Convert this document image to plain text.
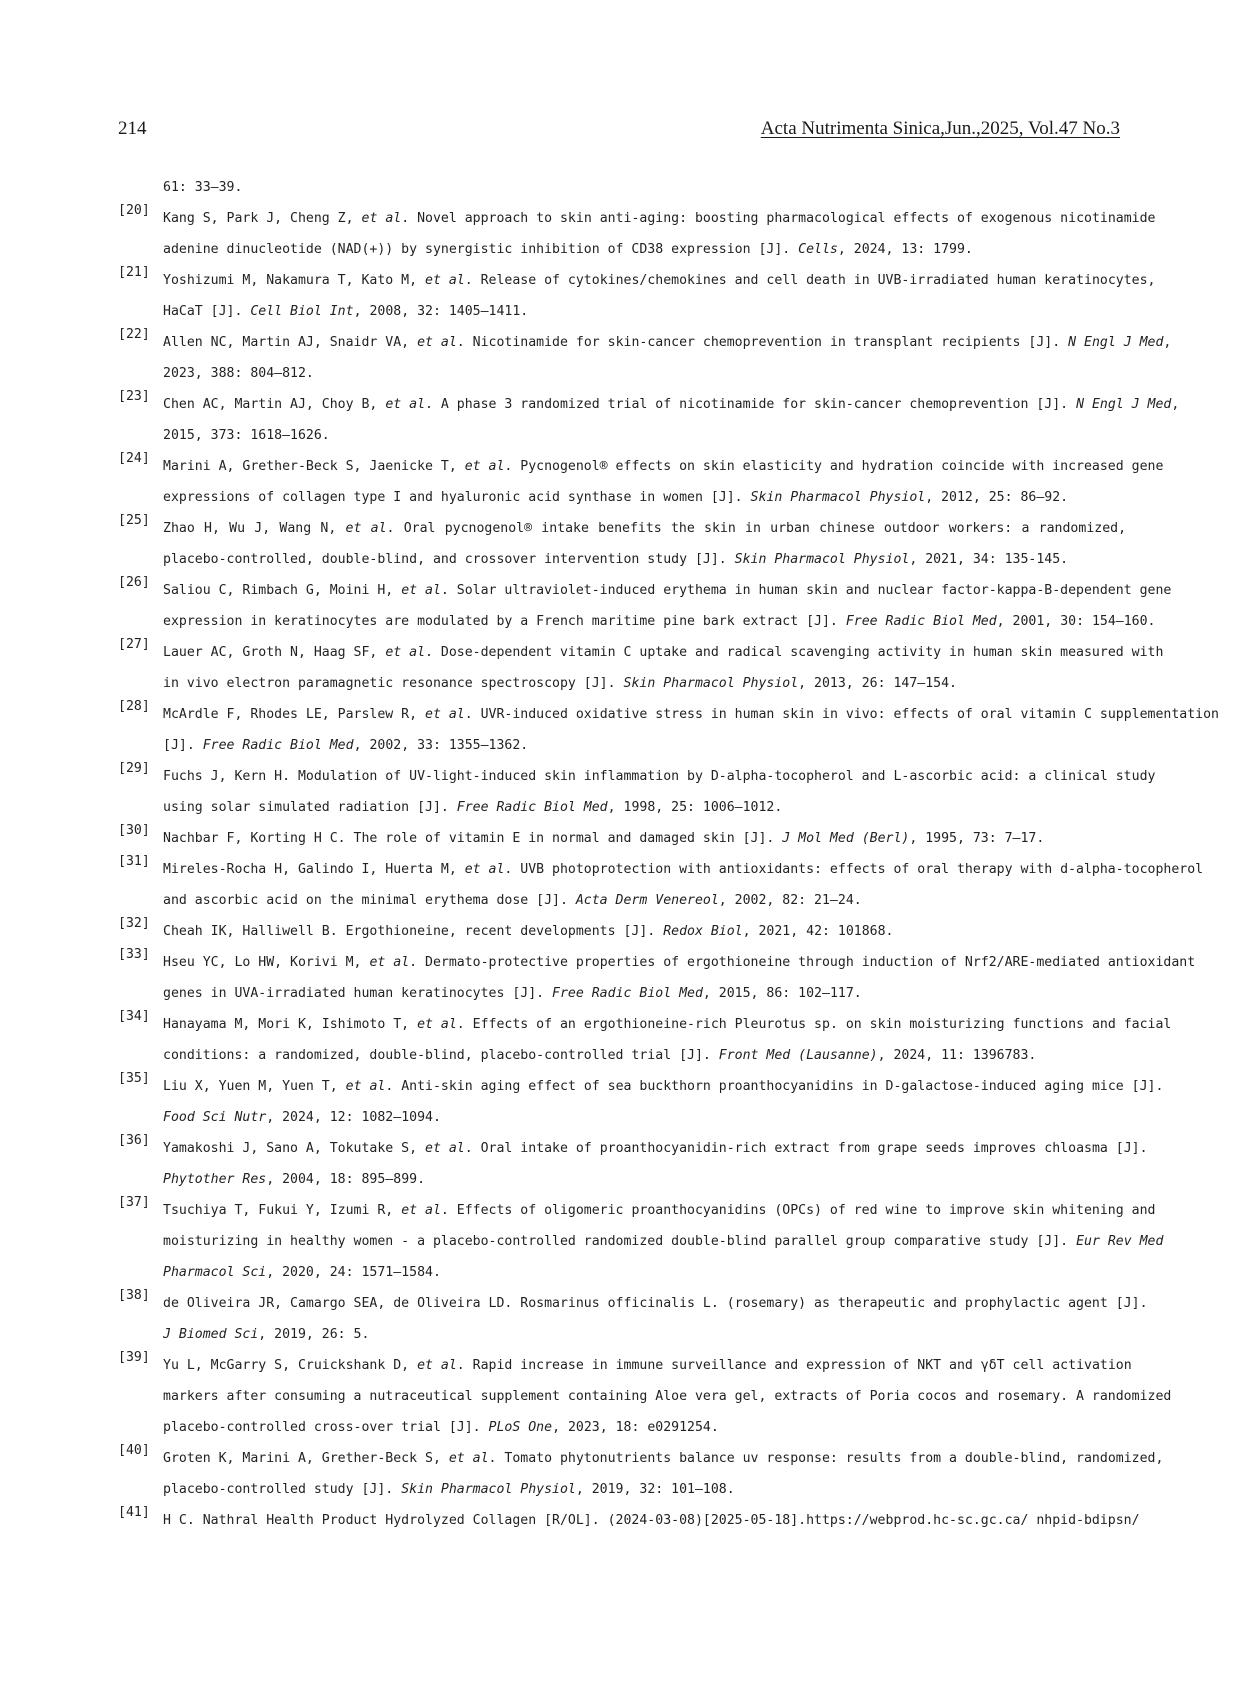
214	Acta Nutrimenta Sinica,Jun.,2025, Vol.47 No.3
61: 33—39.
[20]
Kang S, Park J, Cheng Z, et al. Novel approach to skin anti-aging: boosting pharmacological effects of exogenous nicotinamide
adenine dinucleotide (NAD(+)) by synergistic inhibition of CD38 expression [J]. Cells, 2024, 13: 1799.
[21]
Yoshizumi M, Nakamura T, Kato M, et al. Release of cytokines/chemokines and cell death in UVB-irradiated human keratinocytes,
HaCaT [J]. Cell Biol Int, 2008, 32: 1405—1411.
[22]
Allen NC, Martin AJ, Snaidr VA, et al. Nicotinamide for skin-cancer chemoprevention in transplant recipients [J]. N Engl J Med,
2023, 388: 804—812.
[23]
Chen AC, Martin AJ, Choy B, et al. A phase 3 randomized trial of nicotinamide for skin-cancer chemoprevention [J]. N Engl J Med,
2015, 373: 1618—1626.
[24]
Marini A, Grether-Beck S, Jaenicke T, et al. Pycnogenol® effects on skin elasticity and hydration coincide with increased gene
expressions of collagen type I and hyaluronic acid synthase in women [J]. Skin Pharmacol Physiol, 2012, 25: 86—92.
[25]
Zhao H, Wu J, Wang N, et al. Oral pycnogenol® intake benefits the skin in urban chinese outdoor workers: a randomized,
placebo-controlled, double-blind, and crossover intervention study [J]. Skin Pharmacol Physiol, 2021, 34: 135-145.
[26]
Saliou C, Rimbach G, Moini H, et al. Solar ultraviolet-induced erythema in human skin and nuclear factor-kappa-B-dependent gene
expression in keratinocytes are modulated by a French maritime pine bark extract [J]. Free Radic Biol Med, 2001, 30: 154—160.
[27]
Lauer AC, Groth N, Haag SF, et al. Dose-dependent vitamin C uptake and radical scavenging activity in human skin measured with
in vivo electron paramagnetic resonance spectroscopy [J]. Skin Pharmacol Physiol, 2013, 26: 147—154.
[28]
McArdle F, Rhodes LE, Parslew R, et al. UVR-induced oxidative stress in human skin in vivo: effects of oral vitamin C supplementation
[J]. Free Radic Biol Med, 2002, 33: 1355—1362.
[29]
Fuchs J, Kern H. Modulation of UV-light-induced skin inflammation by D-alpha-tocopherol and L-ascorbic acid: a clinical study
using solar simulated radiation [J]. Free Radic Biol Med, 1998, 25: 1006—1012.
[30]
Nachbar F, Korting H C. The role of vitamin E in normal and damaged skin [J]. J Mol Med (Berl), 1995, 73: 7—17.
[31]
Mireles-Rocha H, Galindo I, Huerta M, et al. UVB photoprotection with antioxidants: effects of oral therapy with d-alpha-tocopherol
and ascorbic acid on the minimal erythema dose [J]. Acta Derm Venereol, 2002, 82: 21—24.
[32]
Cheah IK, Halliwell B. Ergothioneine, recent developments [J]. Redox Biol, 2021, 42: 101868.
[33]
Hseu YC, Lo HW, Korivi M, et al. Dermato-protective properties of ergothioneine through induction of Nrf2/ARE-mediated antioxidant
genes in UVA-irradiated human keratinocytes [J]. Free Radic Biol Med, 2015, 86: 102—117.
[34]
Hanayama M, Mori K, Ishimoto T, et al. Effects of an ergothioneine-rich Pleurotus sp. on skin moisturizing functions and facial
conditions: a randomized, double-blind, placebo-controlled trial [J]. Front Med (Lausanne), 2024, 11: 1396783.
[35]
Liu X, Yuen M, Yuen T, et al. Anti-skin aging effect of sea buckthorn proanthocyanidins in D-galactose-induced aging mice [J].
Food Sci Nutr, 2024, 12: 1082—1094.
[36]
Yamakoshi J, Sano A, Tokutake S, et al. Oral intake of proanthocyanidin-rich extract from grape seeds improves chloasma [J].
Phytother Res, 2004, 18: 895—899.
[37]
Tsuchiya T, Fukui Y, Izumi R, et al. Effects of oligomeric proanthocyanidins (OPCs) of red wine to improve skin whitening and
moisturizing in healthy women - a placebo-controlled randomized double-blind parallel group comparative study [J]. Eur Rev Med
Pharmacol Sci, 2020, 24: 1571—1584.
[38]
de Oliveira JR, Camargo SEA, de Oliveira LD. Rosmarinus officinalis L. (rosemary) as therapeutic and prophylactic agent [J].
J Biomed Sci, 2019, 26: 5.
[39]
Yu L, McGarry S, Cruickshank D, et al. Rapid increase in immune surveillance and expression of NKT and γδT cell activation
markers after consuming a nutraceutical supplement containing Aloe vera gel, extracts of Poria cocos and rosemary. A randomized
placebo-controlled cross-over trial [J]. PLoS One, 2023, 18: e0291254.
[40]
Groten K, Marini A, Grether-Beck S, et al. Tomato phytonutrients balance uv response: results from a double-blind, randomized,
placebo-controlled study [J]. Skin Pharmacol Physiol, 2019, 32: 101—108.
[41]
H C. Nathral Health Product Hydrolyzed Collagen [R/OL]. (2024-03-08)[2025-05-18].https://webprod.hc-sc.gc.ca/ nhpid-bdipsn/
